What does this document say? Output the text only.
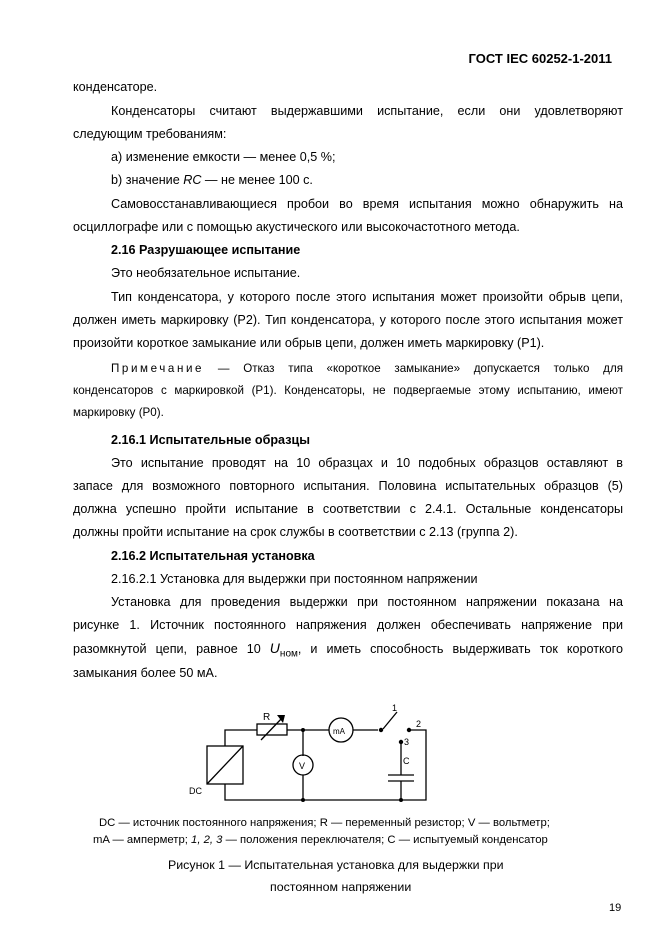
ГОСТ IEC 60252-1-2011
конденсаторе.
Конденсаторы считают выдержавшими испытание, если они удовлетворяют
следующим требованиям:
a) изменение емкости — менее 0,5 %;
b) значение RC — не менее 100 с.
Самовосстанавливающиеся пробои во время испытания можно обнаружить на
осциллографе или с помощью акустического или высокочастотного метода.
2.16 Разрушающее испытание
Это необязательное испытание.
Тип конденсатора, у которого после этого испытания может произойти обрыв цепи,
должен иметь маркировку (Р2). Тип конденсатора, у которого после этого испытания может
произойти короткое замыкание или обрыв цепи, должен иметь маркировку (Р1).
Примечание — Отказ типа «короткое замыкание» допускается только для
конденсаторов с маркировкой (Р1). Конденсаторы, не подвергаемые этому испытанию, имеют
маркировку (Р0).
2.16.1 Испытательные образцы
Это испытание проводят на 10 образцах и 10 подобных образцов оставляют в
запасе для возможного повторного испытания. Половина испытательных образцов (5)
должна успешно пройти испытание в соответствии с 2.4.1. Остальные конденсаторы
должны пройти испытание на срок службы в соответствии с 2.13 (группа 2).
2.16.2 Испытательная установка
2.16.2.1 Установка для выдержки при постоянном напряжении
Установка для проведения выдержки при постоянном напряжении показана на
рисунке 1. Источник постоянного напряжения должен обеспечивать напряжение при
разомкнутой цепи, равное 10 $U_{ном}$, и иметь способность выдерживать ток короткого
замыкания более 50 мА.
R
mA
V	C
DC
1
2
3
DC — источник постоянного напряжения; R — переменный резистор; V — вольтметр;
mA — амперметр; 1, 2, 3 — положения переключателя; C — испытуемый конденсатор
Рисунок 1 — Испытательная установка для выдержки при
постоянном напряжении
19
